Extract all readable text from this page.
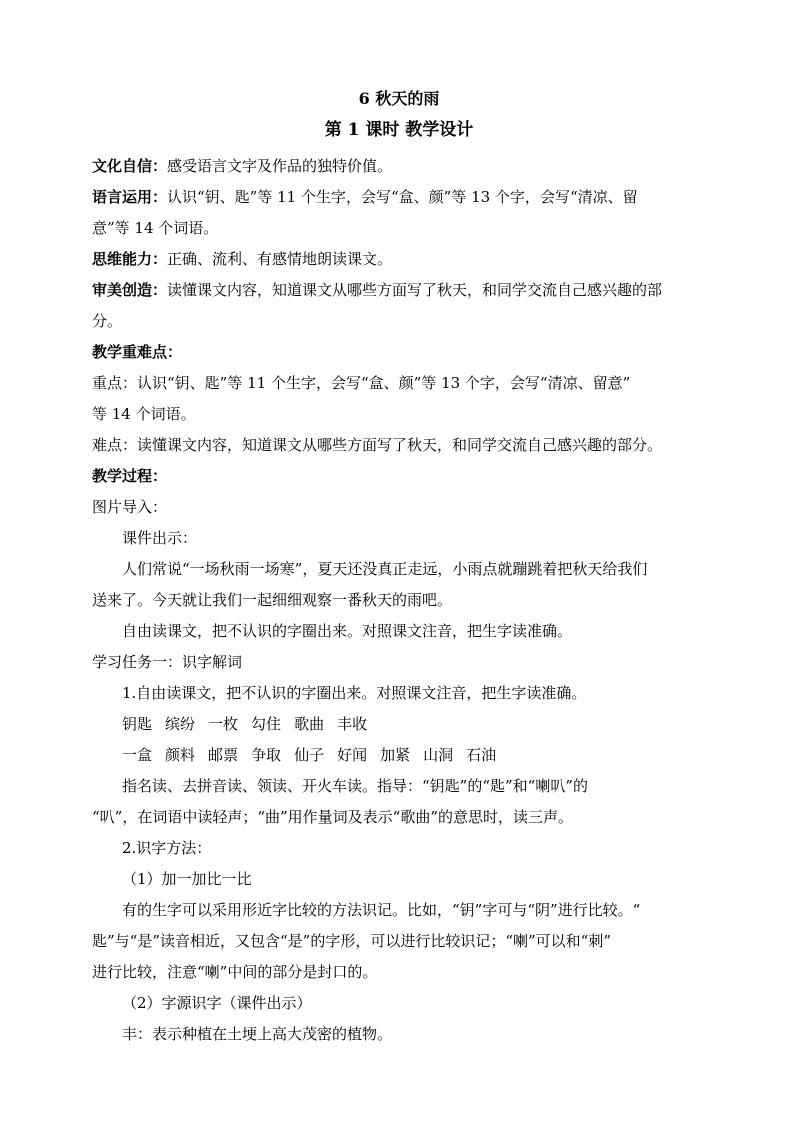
6 秋天的雨
第 1 课时 教学设计
文化自信：感受语言文字及作品的独特价值。
语言运用：认识“钥、匙”等 11 个生字，会写“盒、颜”等 13 个字，会写“清凉、留
意”等 14 个词语。
思维能力：正确、流利、有感情地朗读课文。
审美创造：读懂课文内容，知道课文从哪些方面写了秋天，和同学交流自己感兴趣的部
分。
教学重难点：
重点：认识“钥、匙”等 11 个生字，会写“盒、颜”等 13 个字，会写“清凉、留意”
等 14 个词语。
难点：读懂课文内容，知道课文从哪些方面写了秋天，和同学交流自己感兴趣的部分。
教学过程：
图片导入：
课件出示：
人们常说“一场秋雨一场寒”，夏天还没真正走远，小雨点就蹦跳着把秋天给我们
送来了。今天就让我们一起细细观察一番秋天的雨吧。
自由读课文，把不认识的字圈出来。对照课文注音，把生字读准确。
学习任务一：识字解词
1.自由读课文，把不认识的字圈出来。对照课文注音，把生字读准确。
钥匙 缤纷 一枚 勾住 歌曲 丰收
一盒 颜料 邮票 争取 仙子 好闻 加紧 山洞 石油
指名读、去拼音读、领读、开火车读。指导：“钥匙”的“匙”和“喇叭”的
“叭”，在词语中读轻声；“曲”用作量词及表示“歌曲”的意思时，读三声。
2.识字方法：
（1）加一加比一比
有的生字可以采用形近字比较的方法识记。比如，“钥”字可与“阴”进行比较。“
匙”与“是”读音相近，又包含“是”的字形，可以进行比较识记；“喇”可以和“刺”
进行比较，注意“喇”中间的部分是封口的。
（2）字源识字（课件出示）
丰：表示种植在土埂上高大茂密的植物。
